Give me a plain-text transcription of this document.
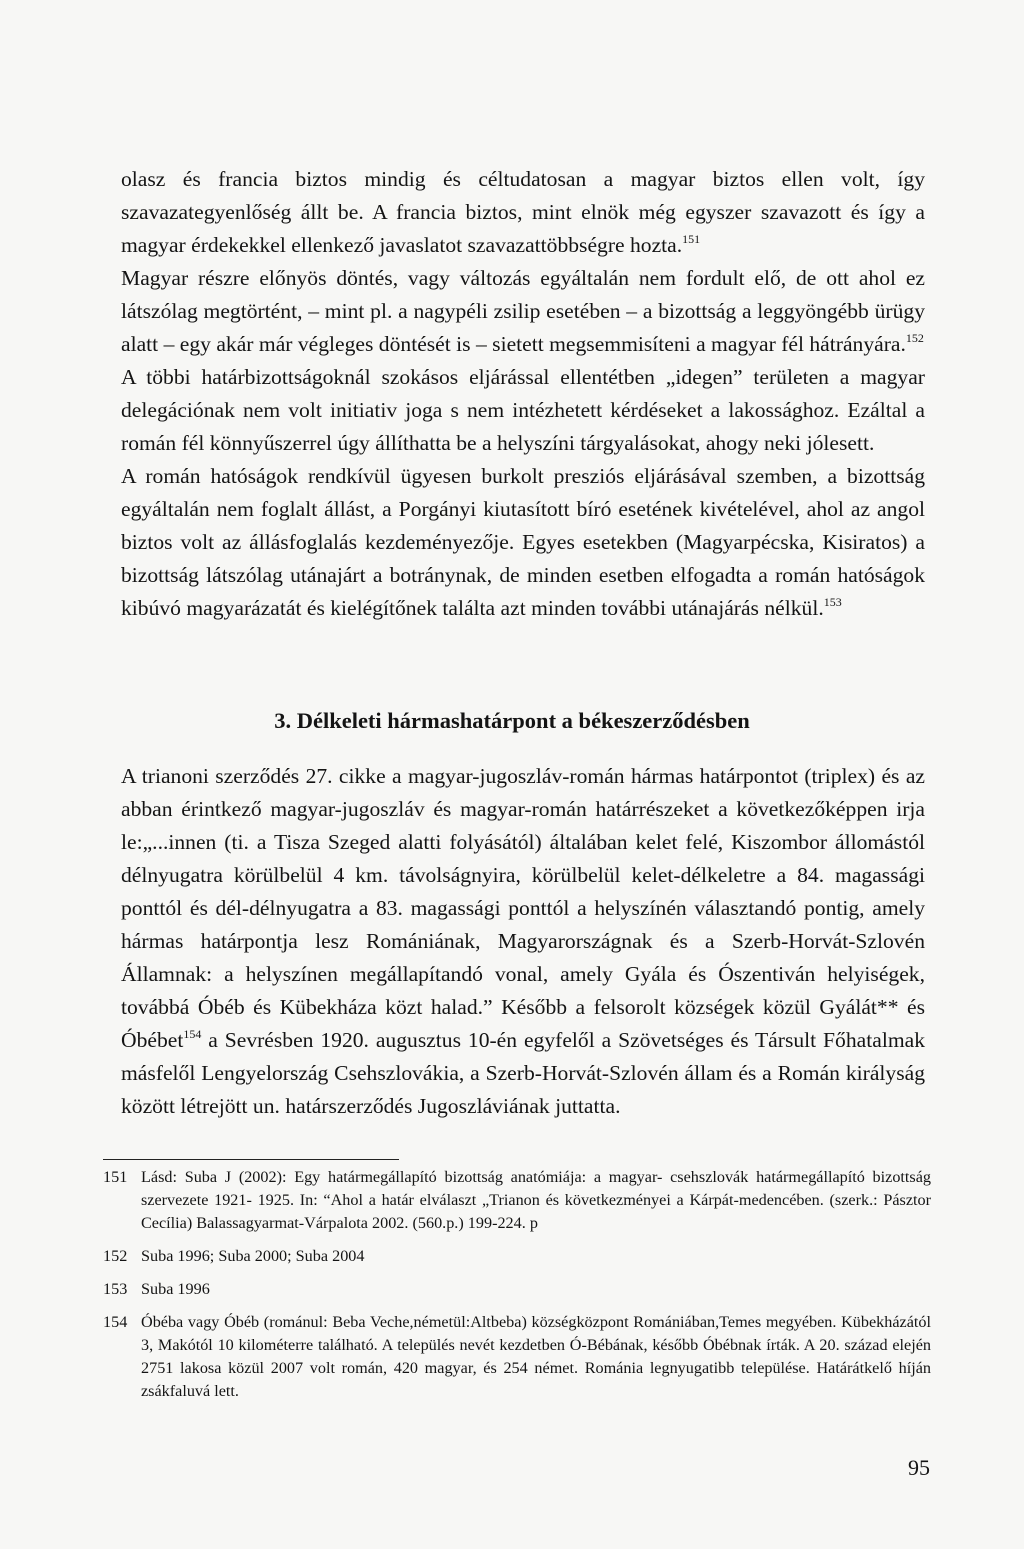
olasz és francia biztos mindig és céltudatosan a magyar biztos ellen volt, így szavazategyenlőség állt be. A francia biztos, mint elnök még egyszer szavazott és így a magyar érdekekkel ellenkező javaslatot szavazattöbbségre hozta.$^{151}$

Magyar részre előnyös döntés, vagy változás egyáltalán nem fordult elő, de ott ahol ez látszólag megtörtént, – mint pl. a nagypéli zsilip esetében – a bizottság a leggyöngébb ürügy alatt – egy akár már végleges döntését is – sietett megsemmisíteni a magyar fél hátrányára.$^{152}$

A többi határbizottságoknál szokásos eljárással ellentétben „idegen” területen a magyar delegációnak nem volt initiativ joga s nem intézhetett kérdéseket a lakossághoz. Ezáltal a román fél könnyűszerrel úgy állíthatta be a helyszíni tárgyalásokat, ahogy neki jólesett.

A román hatóságok rendkívül ügyesen burkolt presziós eljárásával szemben, a bizottság egyáltalán nem foglalt állást, a Porgányi kiutasított bíró esetének kivételével, ahol az angol biztos volt az állásfoglalás kezdeményezője. Egyes esetekben (Magyarpécska, Kisiratos) a bizottság látszólag utánajárt a botránynak, de minden esetben elfogadta a román hatóságok kibúvó magyarázatát és kielégítőnek találta azt minden további utánajárás nélkül.$^{153}$

3. Délkeleti hármashatárpont a békeszerződésben

A trianoni szerződés 27. cikke a magyar-jugoszláv-román hármas határpontot (triplex) és az abban érintkező magyar-jugoszláv és magyar-román határrészeket a következőképpen irja le:„...innen (ti. a Tisza Szeged alatti folyásától) általában kelet felé, Kiszombor állomástól délnyugatra körülbelül 4 km. távolságnyira, körülbelül kelet-délkeletre a 84. magassági ponttól és dél-délnyugatra a 83. magassági ponttól a helyszínén választandó pontig, amely hármas határpontja lesz Romániának, Magyarországnak és a Szerb-Horvát-Szlovén Államnak: a helyszínen megállapítandó vonal, amely Gyála és Ószentiván helyiségek, továbbá Óbéb és Kübekháza közt halad.” Később a felsorolt községek közül Gyálát** és Óbébet$^{154}$ a Sevrésben 1920. augusztus 10-én egyfelől a Szövetséges és Társult Főhatalmak másfelől Lengyelország Csehszlovákia, a Szerb-Horvát-Szlovén állam és a Román királyság között létrejött un. határszerződés Jugoszláviának juttatta.

151 Lásd: Suba J (2002): Egy határmegállapító bizottság anatómiája: a magyar- csehszlovák határmegállapító bizottság szervezete 1921- 1925. In: “Ahol a határ elválaszt „Trianon és következményei a Kárpát-medencében. (szerk.: Pásztor Cecília) Balassagyarmat-Várpalota 2002. (560.p.) 199-224. p
152 Suba 1996; Suba 2000; Suba 2004
153 Suba 1996
154 Óbéba vagy Óbéb (románul: Beba Veche,németül:Altbeba) községközpont Romániában,Temes megyében. Kübekházától 3, Makótól 10 kilométerre található. A település nevét kezdetben Ó-Bébának, később Óbébnak írták. A 20. század elején 2751 lakosa közül 2007 volt román, 420 magyar, és 254 német. Románia legnyugatibb települése. Határátkelő híján zsákfaluvá lett.
95
